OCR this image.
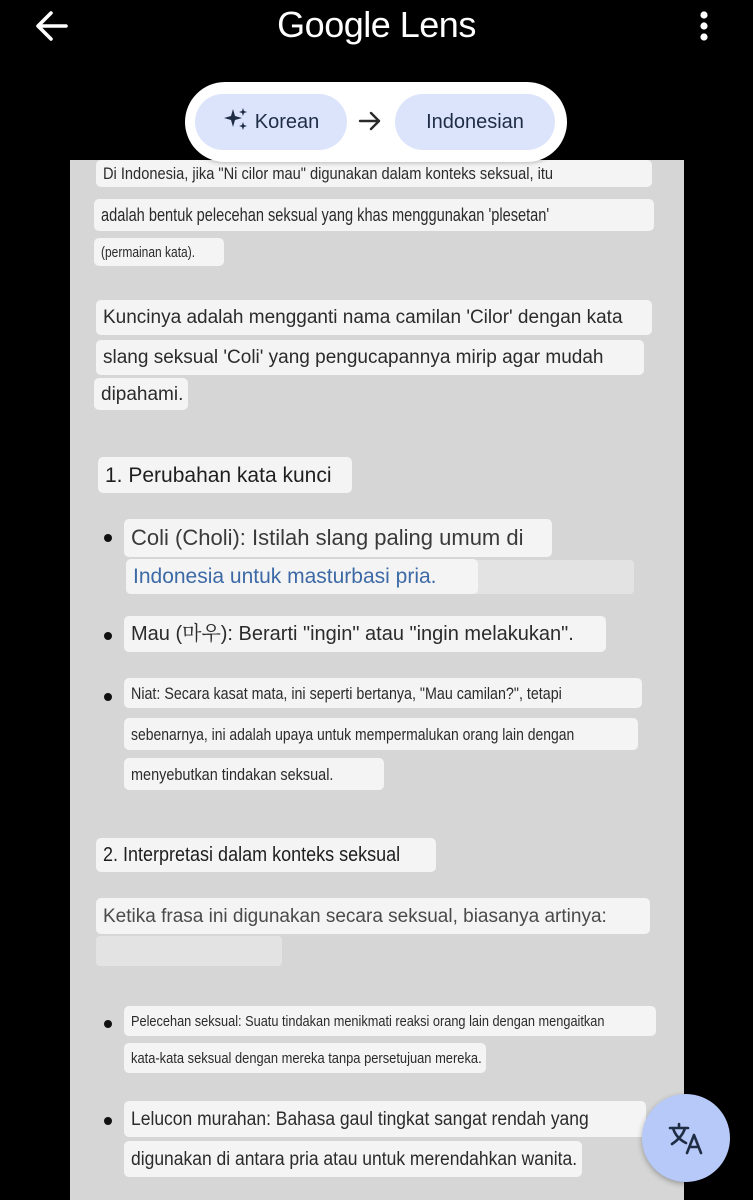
Google Lens
Di Indonesia, jika "Ni cilor mau" digunakan dalam konteks seksual, itu
adalah bentuk pelecehan seksual yang khas menggunakan 'plesetan'
(permainan kata).
Kuncinya adalah mengganti nama camilan 'Cilor' dengan kata
slang seksual 'Coli' yang pengucapannya mirip agar mudah
dipahami.
1. Perubahan kata kunci
Coli (Choli): Istilah slang paling umum di
Indonesia untuk masturbasi pria.
Mau (마우): Berarti "ingin" atau "ingin melakukan".
Niat: Secara kasat mata, ini seperti bertanya, "Mau camilan?", tetapi
sebenarnya, ini adalah upaya untuk mempermalukan orang lain dengan
menyebutkan tindakan seksual.
2. Interpretasi dalam konteks seksual
Ketika frasa ini digunakan secara seksual, biasanya artinya:
Pelecehan seksual: Suatu tindakan menikmati reaksi orang lain dengan mengaitkan
kata-kata seksual dengan mereka tanpa persetujuan mereka.
Lelucon murahan: Bahasa gaul tingkat sangat rendah yang
digunakan di antara pria atau untuk merendahkan wanita.
Korean	Indonesian
